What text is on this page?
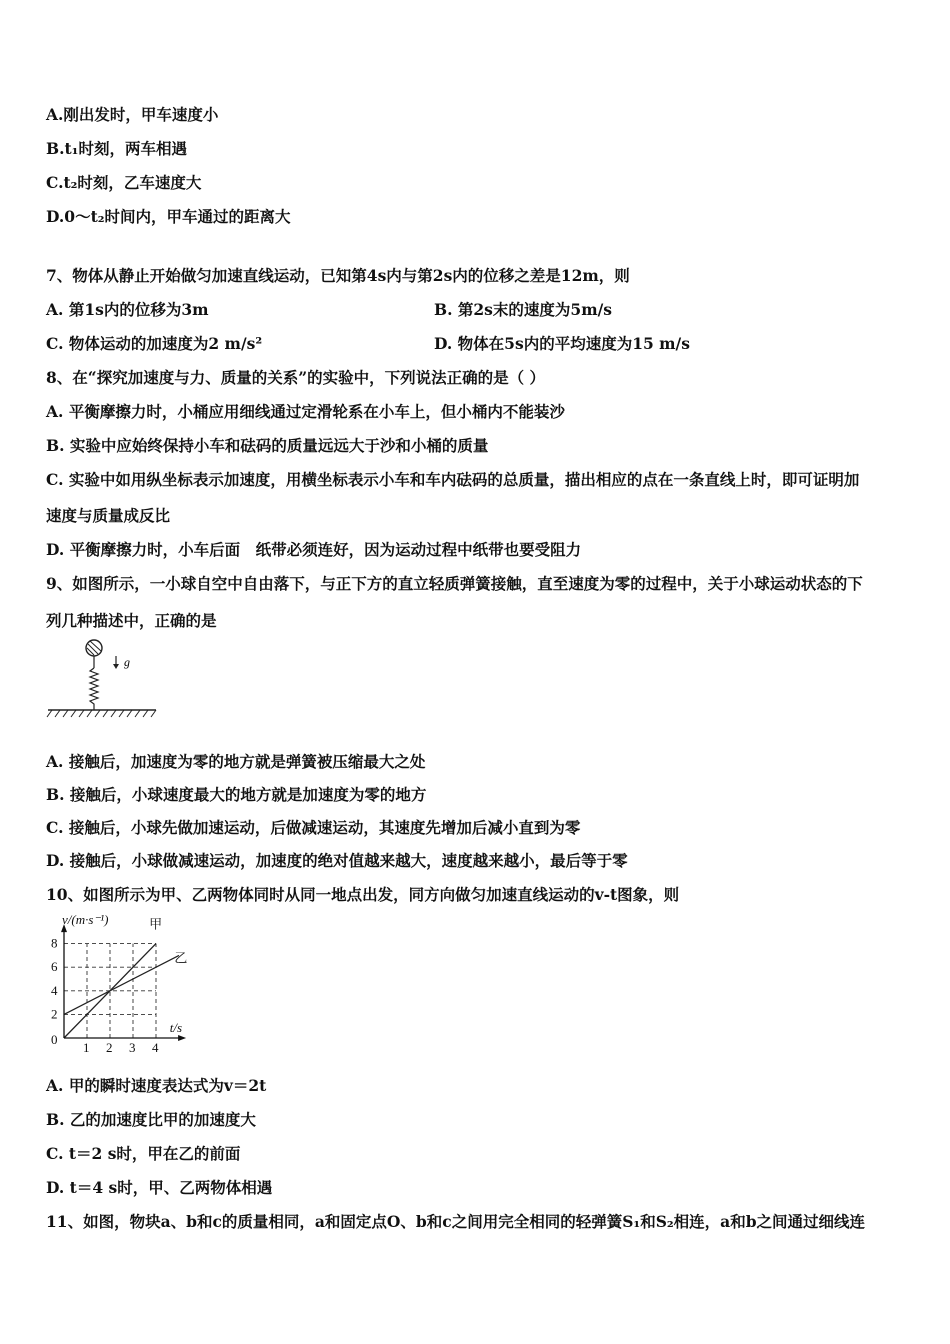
A.刚出发时，甲车速度小
B.t₁时刻，两车相遇
C.t₂时刻，乙车速度大
D.0～t₂时间内，甲车通过的距离大
7、物体从静止开始做匀加速直线运动，已知第4s内与第2s内的位移之差是12m，则
A. 第1s内的位移为3m	B. 第2s末的速度为5m/s
C. 物体运动的加速度为2 m/s²	D. 物体在5s内的平均速度为15 m/s
8、在“探究加速度与力、质量的关系”的实验中，下列说法正确的是（ ）
A. 平衡摩擦力时，小桶应用细线通过定滑轮系在小车上，但小桶内不能装沙
B. 实验中应始终保持小车和砝码的质量远远大于沙和小桶的质量
C. 实验中如用纵坐标表示加速度，用横坐标表示小车和车内砝码的总质量，描出相应的点在一条直线上时，即可证明加
速度与质量成反比
D. 平衡摩擦力时，小车后面　纸带必须连好，因为运动过程中纸带也要受阻力
9、如图所示，一小球自空中自由落下，与正下方的直立轻质弹簧接触，直至速度为零的过程中，关于小球运动状态的下
列几种描述中，正确的是
g
A. 接触后，加速度为零的地方就是弹簧被压缩最大之处
B. 接触后，小球速度最大的地方就是加速度为零的地方
C. 接触后，小球先做加速运动，后做减速运动，其速度先增加后减小直到为零
D. 接触后，小球做减速运动，加速度的绝对值越来越大，速度越来越小，最后等于零
10、如图所示为甲、乙两物体同时从同一地点出发，同方向做匀加速直线运动的v-t图象，则
1 2 3 4
2
4
6
8
0
甲
乙
v/(m·s⁻¹)
t/s
A. 甲的瞬时速度表达式为v＝2t
B. 乙的加速度比甲的加速度大
C. t＝2 s时，甲在乙的前面
D. t＝4 s时，甲、乙两物体相遇
11、如图，物块a、b和c的质量相同，a和固定点O、b和c之间用完全相同的轻弹簧S₁和S₂相连，a和b之间通过细线连
